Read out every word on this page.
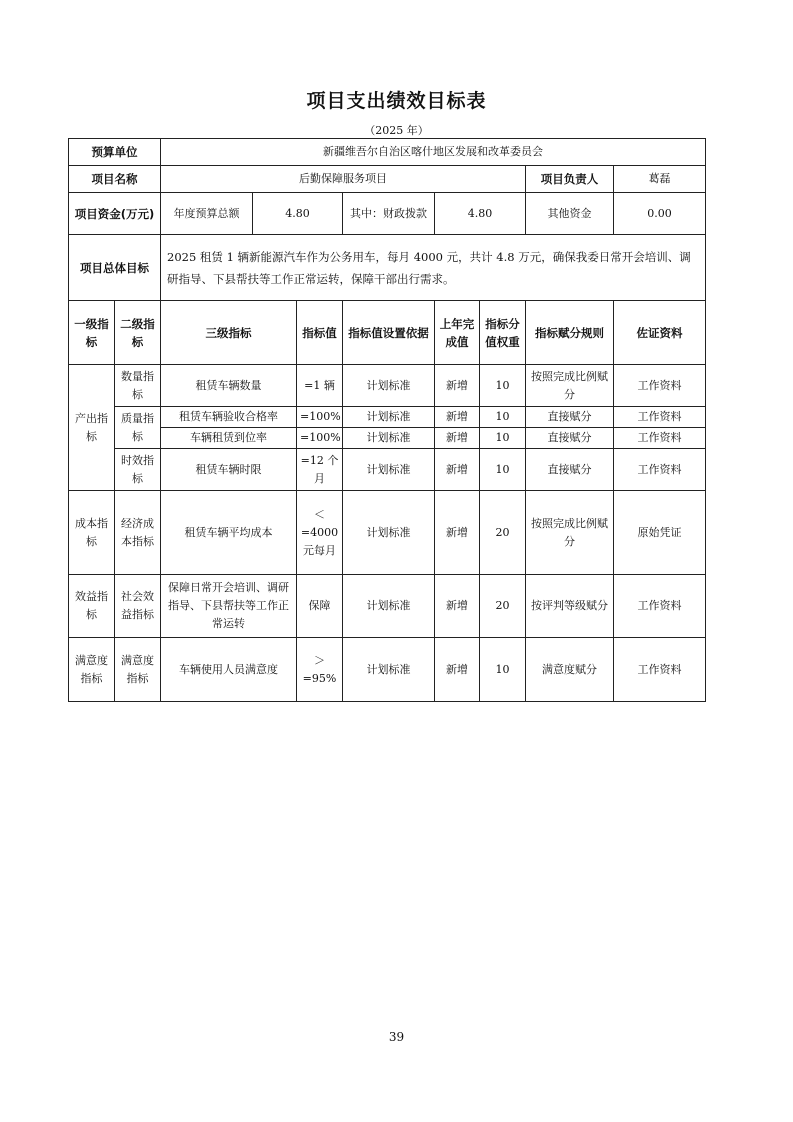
项目支出绩效目标表
（2025 年）
预算单位		新疆维吾尔自治区喀什地区发展和改革委员会							
项目名称		后勤保障服务项目						项目负责人	葛磊
项目资金(万元)		年度预算总额	4.80		其中：财政拨款	4.80		其他资金	0.00
项目总体目标		2025 租赁 1 辆新能源汽车作为公务用车，每月 4000 元，共计 4.8 万元，确保我委日常开会培训、调研指导、下县帮扶等工作正常运转，保障干部出行需求。							
一级指标	二级指标	三级指标		指标值	指标值设置依据	上年完成值	指标分值权重	指标赋分规则	佐证资料
产出指标	数量指标	租赁车辆数量		=1 辆	计划标准	新增	10	按照完成比例赋分	工作资料
	质量指标	租赁车辆验收合格率		=100%	计划标准	新增	10	直接赋分	工作资料
		车辆租赁到位率		=100%	计划标准	新增	10	直接赋分	工作资料
	时效指标	租赁车辆时限		=12 个月	计划标准	新增	10	直接赋分	工作资料
成本指标	经济成本指标	租赁车辆平均成本		＜=4000元每月	计划标准	新增	20	按照完成比例赋分	原始凭证
效益指标	社会效益指标	保障日常开会培训、调研指导、下县帮扶等工作正常运转		保障	计划标准	新增	20	按评判等级赋分	工作资料
满意度指标	满意度指标	车辆使用人员满意度		＞=95%	计划标准	新增	10	满意度赋分	工作资料
39
